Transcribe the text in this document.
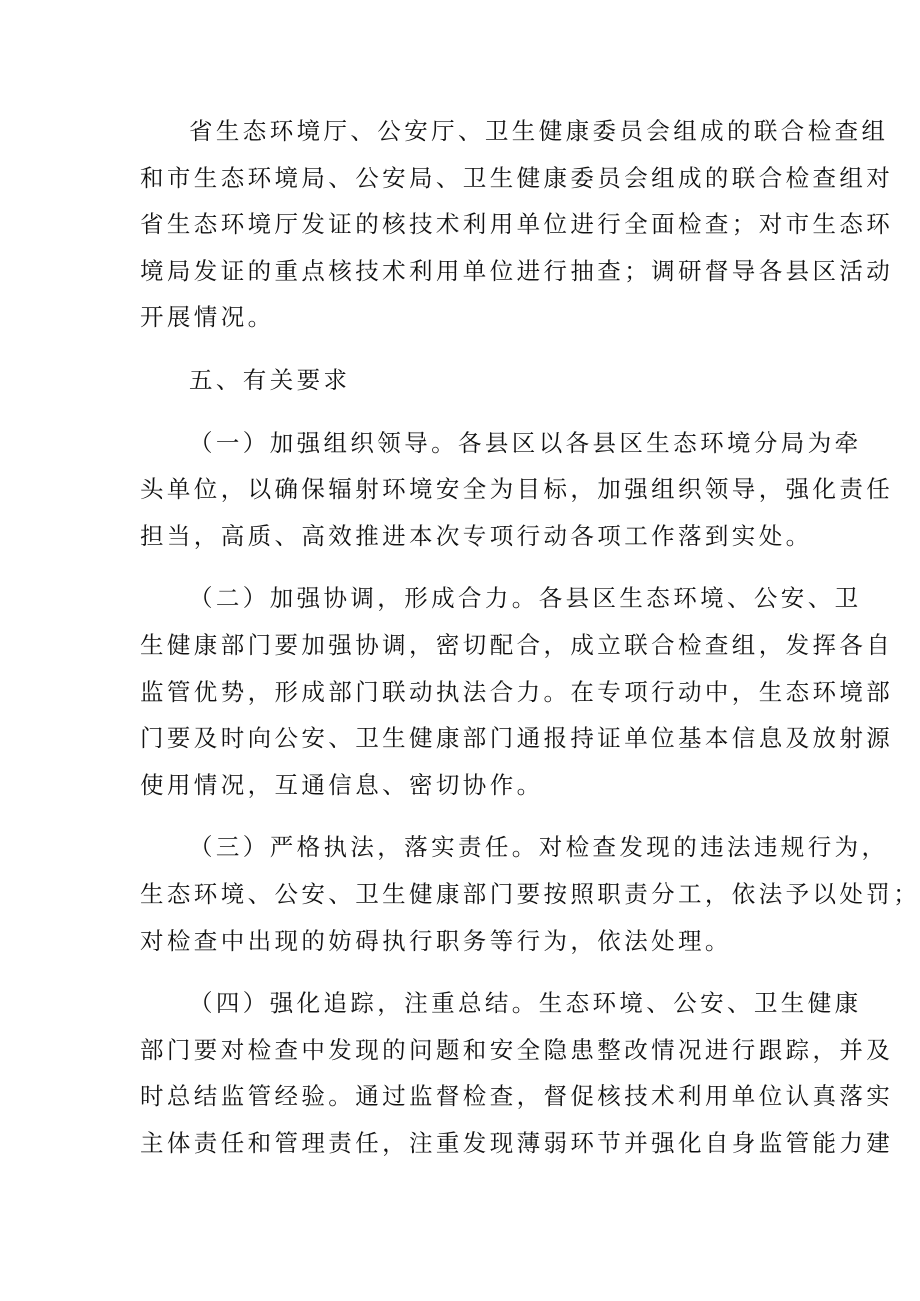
省生态环境厅、公安厅、卫生健康委员会组成的联合检查组
和市生态环境局、公安局、卫生健康委员会组成的联合检查组对
省生态环境厅发证的核技术利用单位进行全面检查；对市生态环
境局发证的重点核技术利用单位进行抽查；调研督导各县区活动
开展情况。
五、有关要求
（一）加强组织领导。各县区以各县区生态环境分局为牵
头单位，以确保辐射环境安全为目标，加强组织领导，强化责任
担当，高质、高效推进本次专项行动各项工作落到实处。
（二）加强协调，形成合力。各县区生态环境、公安、卫
生健康部门要加强协调，密切配合，成立联合检查组，发挥各自
监管优势，形成部门联动执法合力。在专项行动中，生态环境部
门要及时向公安、卫生健康部门通报持证单位基本信息及放射源
使用情况，互通信息、密切协作。
（三）严格执法，落实责任。对检查发现的违法违规行为，
生态环境、公安、卫生健康部门要按照职责分工，依法予以处罚；
对检查中出现的妨碍执行职务等行为，依法处理。
（四）强化追踪，注重总结。生态环境、公安、卫生健康
部门要对检查中发现的问题和安全隐患整改情况进行跟踪，并及
时总结监管经验。通过监督检查，督促核技术利用单位认真落实
主体责任和管理责任，注重发现薄弱环节并强化自身监管能力建
